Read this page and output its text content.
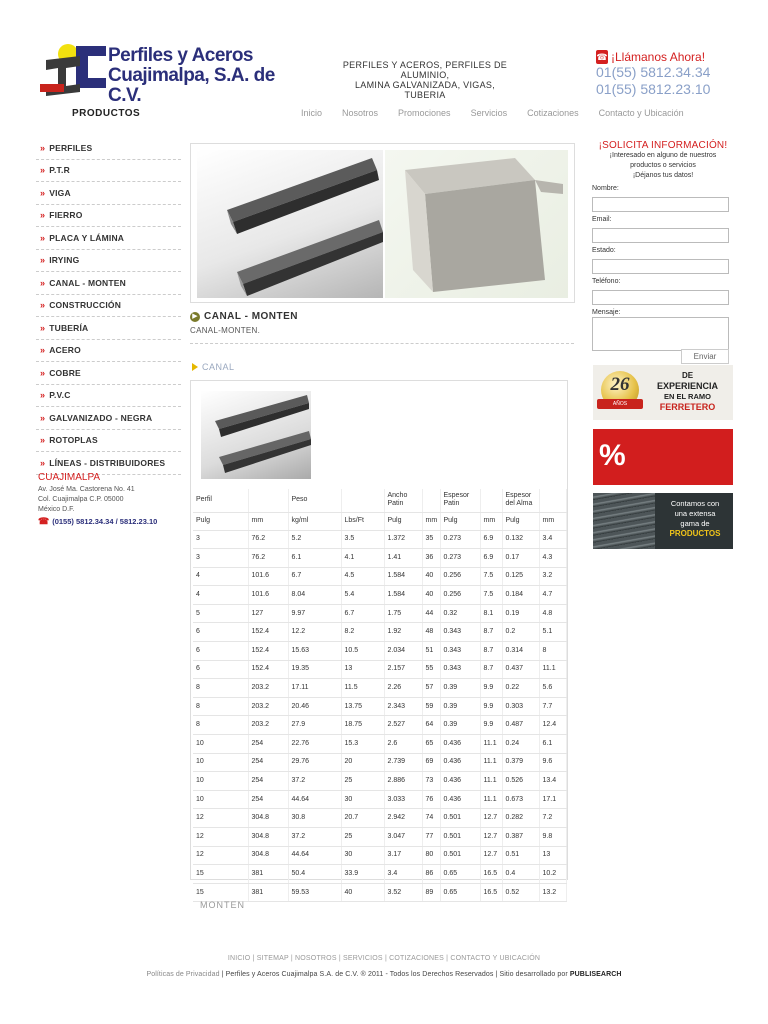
Perfiles y Aceros
Cuajimalpa, S.A. de C.V.
PERFILES Y ACEROS, PERFILES DE ALUMINIO,
LAMINA GALVANIZADA, VIGAS, TUBERIA
☎ ¡Llámanos Ahora!
01(55) 5812.34.34
01(55) 5812.23.10
PRODUCTOS	Inicio	Nosotros	Promociones	Servicios	Cotizaciones	Contacto y Ubicación
» PERFILES
» P.T.R
» VIGA
» FIERRO
» PLACA Y LÁMINA
» IRYING
» CANAL - MONTEN
» CONSTRUCCIÓN
» TUBERÍA
» ACERO
» COBRE
» P.V.C
» GALVANIZADO - NEGRA
» ROTOPLAS
» LÍNEAS - DISTRIBUIDORES
CUAJIMALPA
Av. José Ma. Castorena No. 41
Col. Cuajimalpa C.P. 05000
México D.F.
☎ (0155) 5812.34.34 / 5812.23.10
▶ CANAL - MONTEN
CANAL-MONTEN.
CANAL
Perfil		Peso		Ancho Patin		Espesor Patin		Espesor del Alma	
Pulg	mm	kg/ml	Lbs/Ft	Pulg	mm	Pulg	mm	Pulg	mm
3	76.2	5.2	3.5	1.372	35	0.273	6.9	0.132	3.4
3	76.2	6.1	4.1	1.41	36	0.273	6.9	0.17	4.3
4	101.6	6.7	4.5	1.584	40	0.256	7.5	0.125	3.2
4	101.6	8.04	5.4	1.584	40	0.256	7.5	0.184	4.7
5	127	9.97	6.7	1.75	44	0.32	8.1	0.19	4.8
6	152.4	12.2	8.2	1.92	48	0.343	8.7	0.2	5.1
6	152.4	15.63	10.5	2.034	51	0.343	8.7	0.314	8
6	152.4	19.35	13	2.157	55	0.343	8.7	0.437	11.1
8	203.2	17.11	11.5	2.26	57	0.39	9.9	0.22	5.6
8	203.2	20.46	13.75	2.343	59	0.39	9.9	0.303	7.7
8	203.2	27.9	18.75	2.527	64	0.39	9.9	0.487	12.4
10	254	22.76	15.3	2.6	65	0.436	11.1	0.24	6.1
10	254	29.76	20	2.739	69	0.436	11.1	0.379	9.6
10	254	37.2	25	2.886	73	0.436	11.1	0.526	13.4
10	254	44.64	30	3.033	76	0.436	11.1	0.673	17.1
12	304.8	30.8	20.7	2.942	74	0.501	12.7	0.282	7.2
12	304.8	37.2	25	3.047	77	0.501	12.7	0.387	9.8
12	304.8	44.64	30	3.17	80	0.501	12.7	0.51	13
15	381	50.4	33.9	3.4	86	0.65	16.5	0.4	10.2
15	381	59.53	40	3.52	89	0.65	16.5	0.52	13.2
MONTEN
¡SOLICITA INFORMACIÓN!
¡Interesado en alguno de nuestros
productos o servicios
¡Déjanos tus datos!
Nombre:
Email:
Estado:
Teléfono:
Mensaje:
Enviar
26
AÑOS
DE
EXPERIENCIA
EN EL RAMO
FERRETERO
%
Contamos con
una extensa
gama de
PRODUCTOS
INICIO | SITEMAP | NOSOTROS | SERVICIOS | COTIZACIONES | CONTACTO Y UBICACIÓN
Políticas de Privacidad | Perfiles y Aceros Cuajimalpa S.A. de C.V. ® 2011 - Todos los Derechos Reservados | Sitio desarrollado por PUBLISEARCH
